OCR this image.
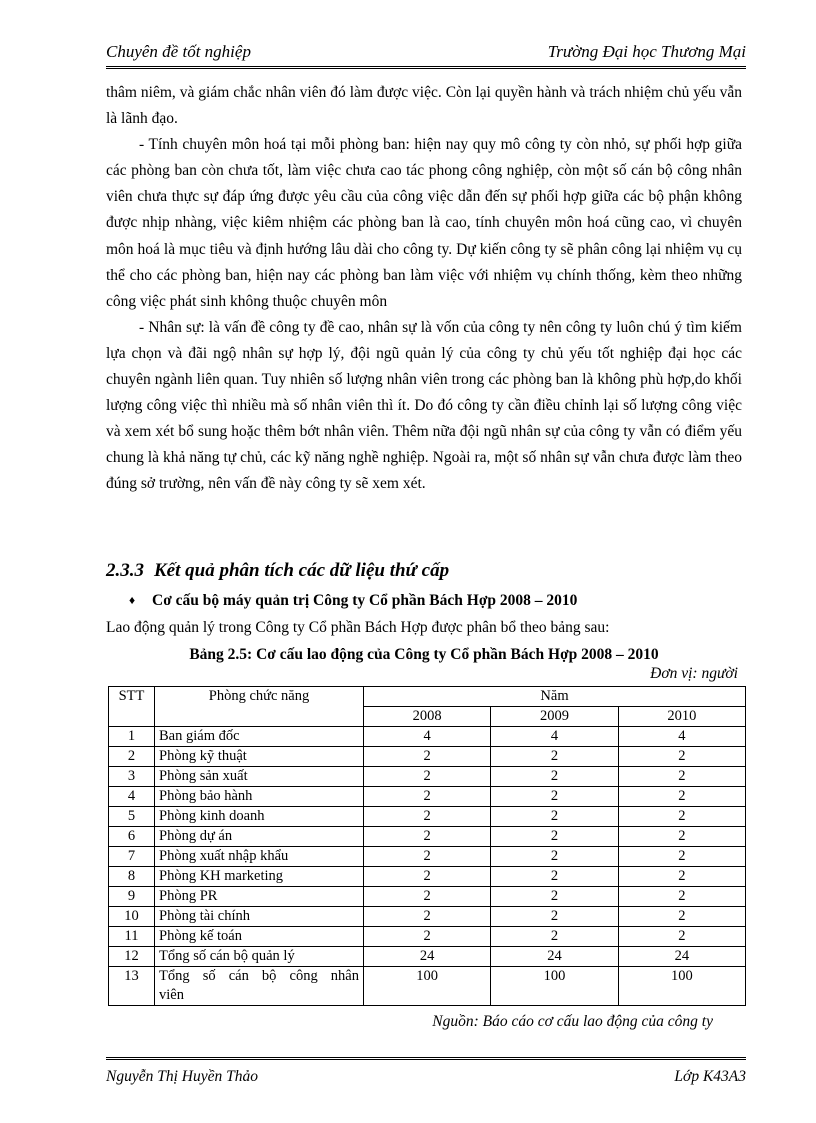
Chuyên đề tốt nghiệp	Trường Đại học Thương Mại

thâm niêm, và giám chắc nhân viên đó làm được việc. Còn lại quyền hành và trách nhiệm chủ yếu vẫn là lãnh đạo.

- Tính chuyên môn hoá tại mỗi phòng ban: hiện nay quy mô công ty còn nhỏ, sự phối hợp giữa các phòng ban còn chưa tốt, làm việc chưa cao tác phong công nghiệp, còn một số cán bộ công nhân viên chưa thực sự đáp ứng được yêu cầu của công việc dẫn đến sự phối hợp giữa các bộ phận không được nhịp nhàng, việc kiêm nhiệm các phòng ban là cao, tính chuyên môn hoá cũng cao, vì chuyên môn hoá là mục tiêu và định hướng lâu dài cho công ty. Dự kiến công ty sẽ phân công lại nhiệm vụ cụ thể cho các phòng ban, hiện nay các phòng ban làm việc với nhiệm vụ chính thống, kèm theo những công việc phát sinh không thuộc chuyên môn

- Nhân sự: là vấn đề công ty đề cao, nhân sự là vốn của công ty nên công ty luôn chú ý tìm kiếm lựa chọn và đãi ngộ nhân sự hợp lý, đội ngũ quản lý của công ty chủ yếu tốt nghiệp đại học các chuyên ngành liên quan. Tuy nhiên số lượng nhân viên trong các phòng ban là không phù hợp,do khối lượng công việc thì nhiều mà số nhân viên thì ít. Do đó công ty cần điều chỉnh lại số lượng công việc và xem xét bổ sung hoặc thêm bớt nhân viên. Thêm nữa đội ngũ nhân sự của công ty vẫn có điểm yếu chung là khả năng tự chủ, các kỹ năng nghề nghiệp. Ngoài ra, một số nhân sự vẫn chưa được làm theo đúng sở trường, nên vấn đề này công ty sẽ xem xét.

2.3.3 Kết quả phân tích các dữ liệu thứ cấp
♦ Cơ cấu bộ máy quản trị Công ty Cổ phần Bách Hợp 2008 – 2010
Lao động quản lý trong Công ty Cổ phần Bách Hợp được phân bổ theo bảng sau:
Bảng 2.5: Cơ cấu lao động của Công ty Cổ phần Bách Hợp 2008 – 2010
Đơn vị: người
STT	Phòng chức năng	Năm		
		2008	2009	2010
1	Ban giám đốc	4	4	4
2	Phòng kỹ thuật	2	2	2
3	Phòng sản xuất	2	2	2
4	Phòng bảo hành	2	2	2
5	Phòng kinh doanh	2	2	2
6	Phòng dự án	2	2	2
7	Phòng xuất nhập khẩu	2	2	2
8	Phòng KH marketing	2	2	2
9	Phòng PR	2	2	2
10	Phòng tài chính	2	2	2
11	Phòng kế toán	2	2	2
12	Tổng số cán bộ quản lý	24	24	24
13	Tổng số cán bộ công nhân
viên	100	100	100
Nguồn: Báo cáo cơ cấu lao động của công ty
Nguyễn Thị Huyền Thảo	Lớp K43A3
